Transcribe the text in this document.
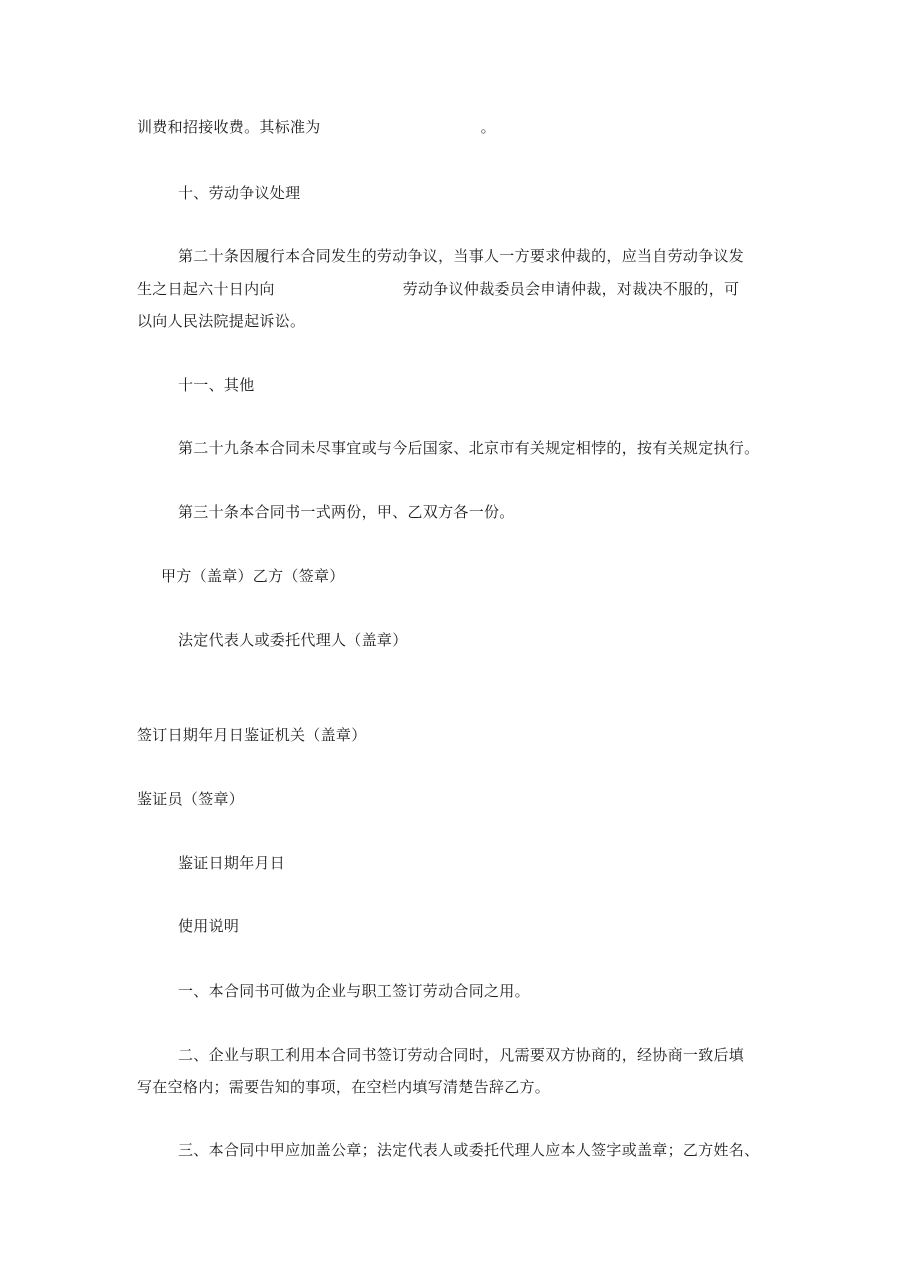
训费和招接收费。其标准为	。
十、劳动争议处理
第二十条因履行本合同发生的劳动争议，当事人一方要求仲裁的，应当自劳动争议发
生之日起六十日内向	劳动争议仲裁委员会申请仲裁，对裁决不服的，可
以向人民法院提起诉讼。
十一、其他
第二十九条本合同未尽事宜或与今后国家、北京市有关规定相悖的，按有关规定执行。
第三十条本合同书一式两份，甲、乙双方各一份。
甲方（盖章）乙方（签章）
法定代表人或委托代理人（盖章）
签订日期年月日鉴证机关（盖章）
鉴证员（签章）
鉴证日期年月日
使用说明
一、本合同书可做为企业与职工签订劳动合同之用。
二、企业与职工利用本合同书签订劳动合同时，凡需要双方协商的，经协商一致后填
写在空格内；需要告知的事项，在空栏内填写清楚告辞乙方。
三、本合同中甲应加盖公章；法定代表人或委托代理人应本人签字或盖章；乙方姓名、
